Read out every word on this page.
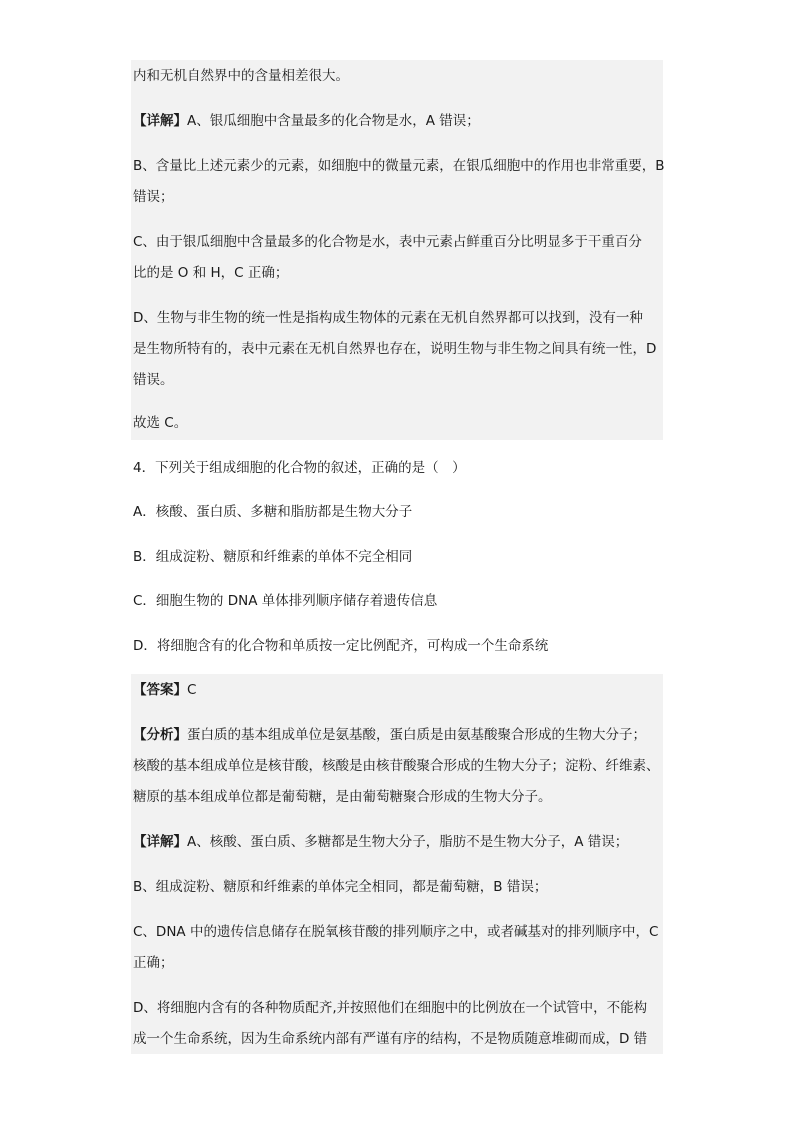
内和无机自然界中的含量相差很大。
【详解】A、银瓜细胞中含量最多的化合物是水，A 错误；
B、含量比上述元素少的元素，如细胞中的微量元素，在银瓜细胞中的作用也非常重要，B
错误；
C、由于银瓜细胞中含量最多的化合物是水，表中元素占鲜重百分比明显多于干重百分
比的是 O 和 H，C 正确；
D、生物与非生物的统一性是指构成生物体的元素在无机自然界都可以找到，没有一种
是生物所特有的，表中元素在无机自然界也存在，说明生物与非生物之间具有统一性，D
错误。
故选 C。
4．下列关于组成细胞的化合物的叙述，正确的是（　）
A．核酸、蛋白质、多糖和脂肪都是生物大分子
B．组成淀粉、糖原和纤维素的单体不完全相同
C．细胞生物的 DNA 单体排列顺序储存着遗传信息
D．将细胞含有的化合物和单质按一定比例配齐，可构成一个生命系统
【答案】C
【分析】蛋白质的基本组成单位是氨基酸，蛋白质是由氨基酸聚合形成的生物大分子；
核酸的基本组成单位是核苷酸，核酸是由核苷酸聚合形成的生物大分子；淀粉、纤维素、
糖原的基本组成单位都是葡萄糖，是由葡萄糖聚合形成的生物大分子。
【详解】A、核酸、蛋白质、多糖都是生物大分子，脂肪不是生物大分子，A 错误；
B、组成淀粉、糖原和纤维素的单体完全相同，都是葡萄糖，B 错误；
C、DNA 中的遗传信息储存在脱氧核苷酸的排列顺序之中，或者碱基对的排列顺序中，C
正确；
D、将细胞内含有的各种物质配齐,并按照他们在细胞中的比例放在一个试管中，不能构
成一个生命系统，因为生命系统内部有严谨有序的结构，不是物质随意堆砌而成，D 错
